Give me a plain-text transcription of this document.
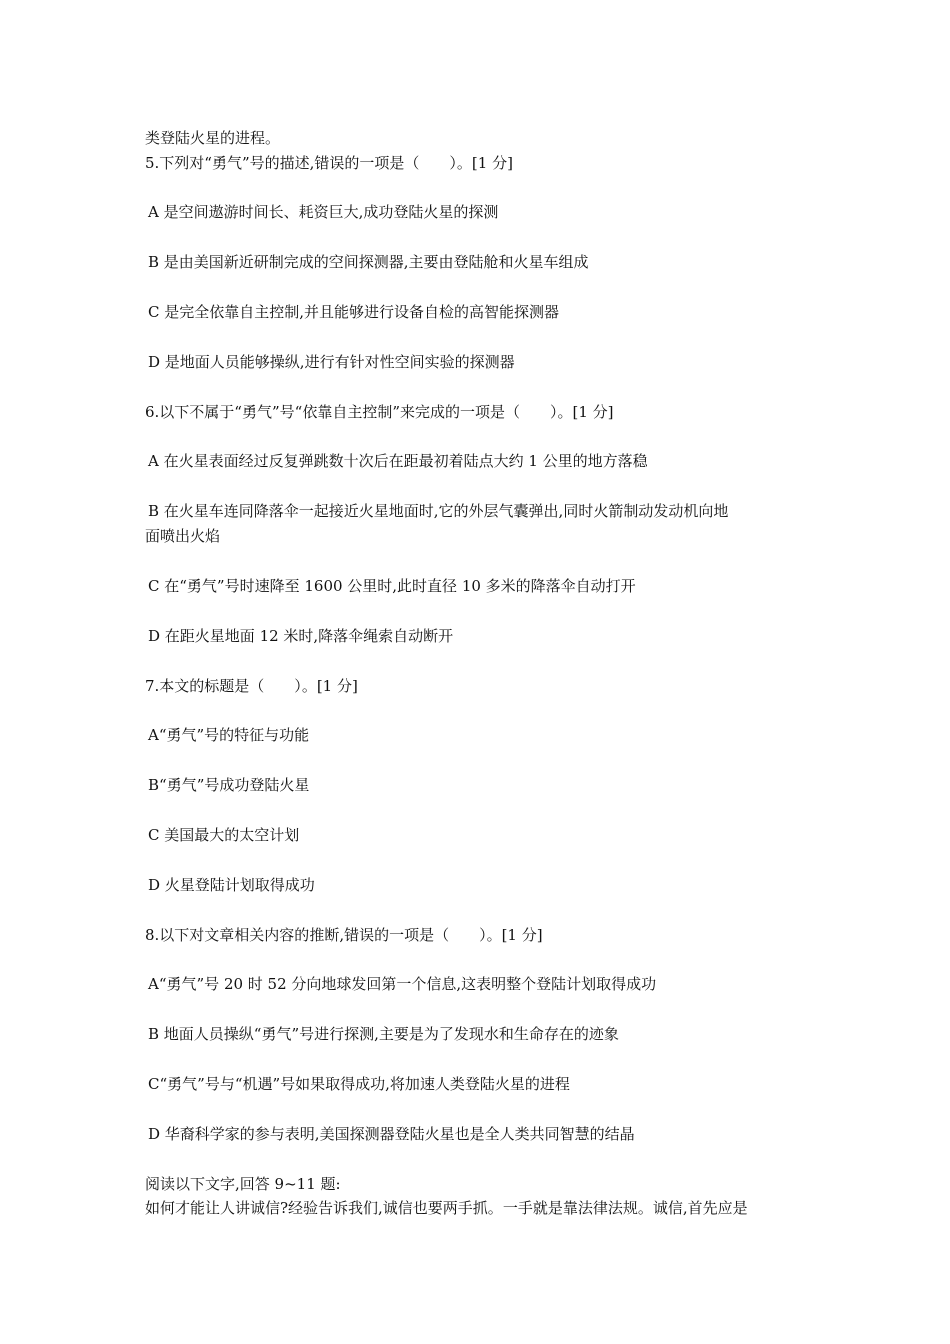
类登陆火星的进程。
5.下列对“勇气”号的描述,错误的一项是（　　）。[1 分]
A 是空间遨游时间长、耗资巨大,成功登陆火星的探测
B 是由美国新近研制完成的空间探测器,主要由登陆舱和火星车组成
C 是完全依靠自主控制,并且能够进行设备自检的高智能探测器
D 是地面人员能够操纵,进行有针对性空间实验的探测器
6.以下不属于“勇气”号“依靠自主控制”来完成的一项是（　　）。[1 分]
A 在火星表面经过反复弹跳数十次后在距最初着陆点大约 1 公里的地方落稳
B 在火星车连同降落伞一起接近火星地面时,它的外层气囊弹出,同时火箭制动发动机向地
面喷出火焰
C 在“勇气”号时速降至 1600 公里时,此时直径 10 多米的降落伞自动打开
D 在距火星地面 12 米时,降落伞绳索自动断开
7.本文的标题是（　　）。[1 分]
A“勇气”号的特征与功能
B“勇气”号成功登陆火星
C 美国最大的太空计划
D 火星登陆计划取得成功
8.以下对文章相关内容的推断,错误的一项是（　　）。[1 分]
A“勇气”号 20 时 52 分向地球发回第一个信息,这表明整个登陆计划取得成功
B 地面人员操纵“勇气”号进行探测,主要是为了发现水和生命存在的迹象
C“勇气”号与“机遇”号如果取得成功,将加速人类登陆火星的进程
D 华裔科学家的参与表明,美国探测器登陆火星也是全人类共同智慧的结晶
阅读以下文字,回答 9~11 题:
如何才能让人讲诚信?经验告诉我们,诚信也要两手抓。一手就是靠法律法规。诚信,首先应是
